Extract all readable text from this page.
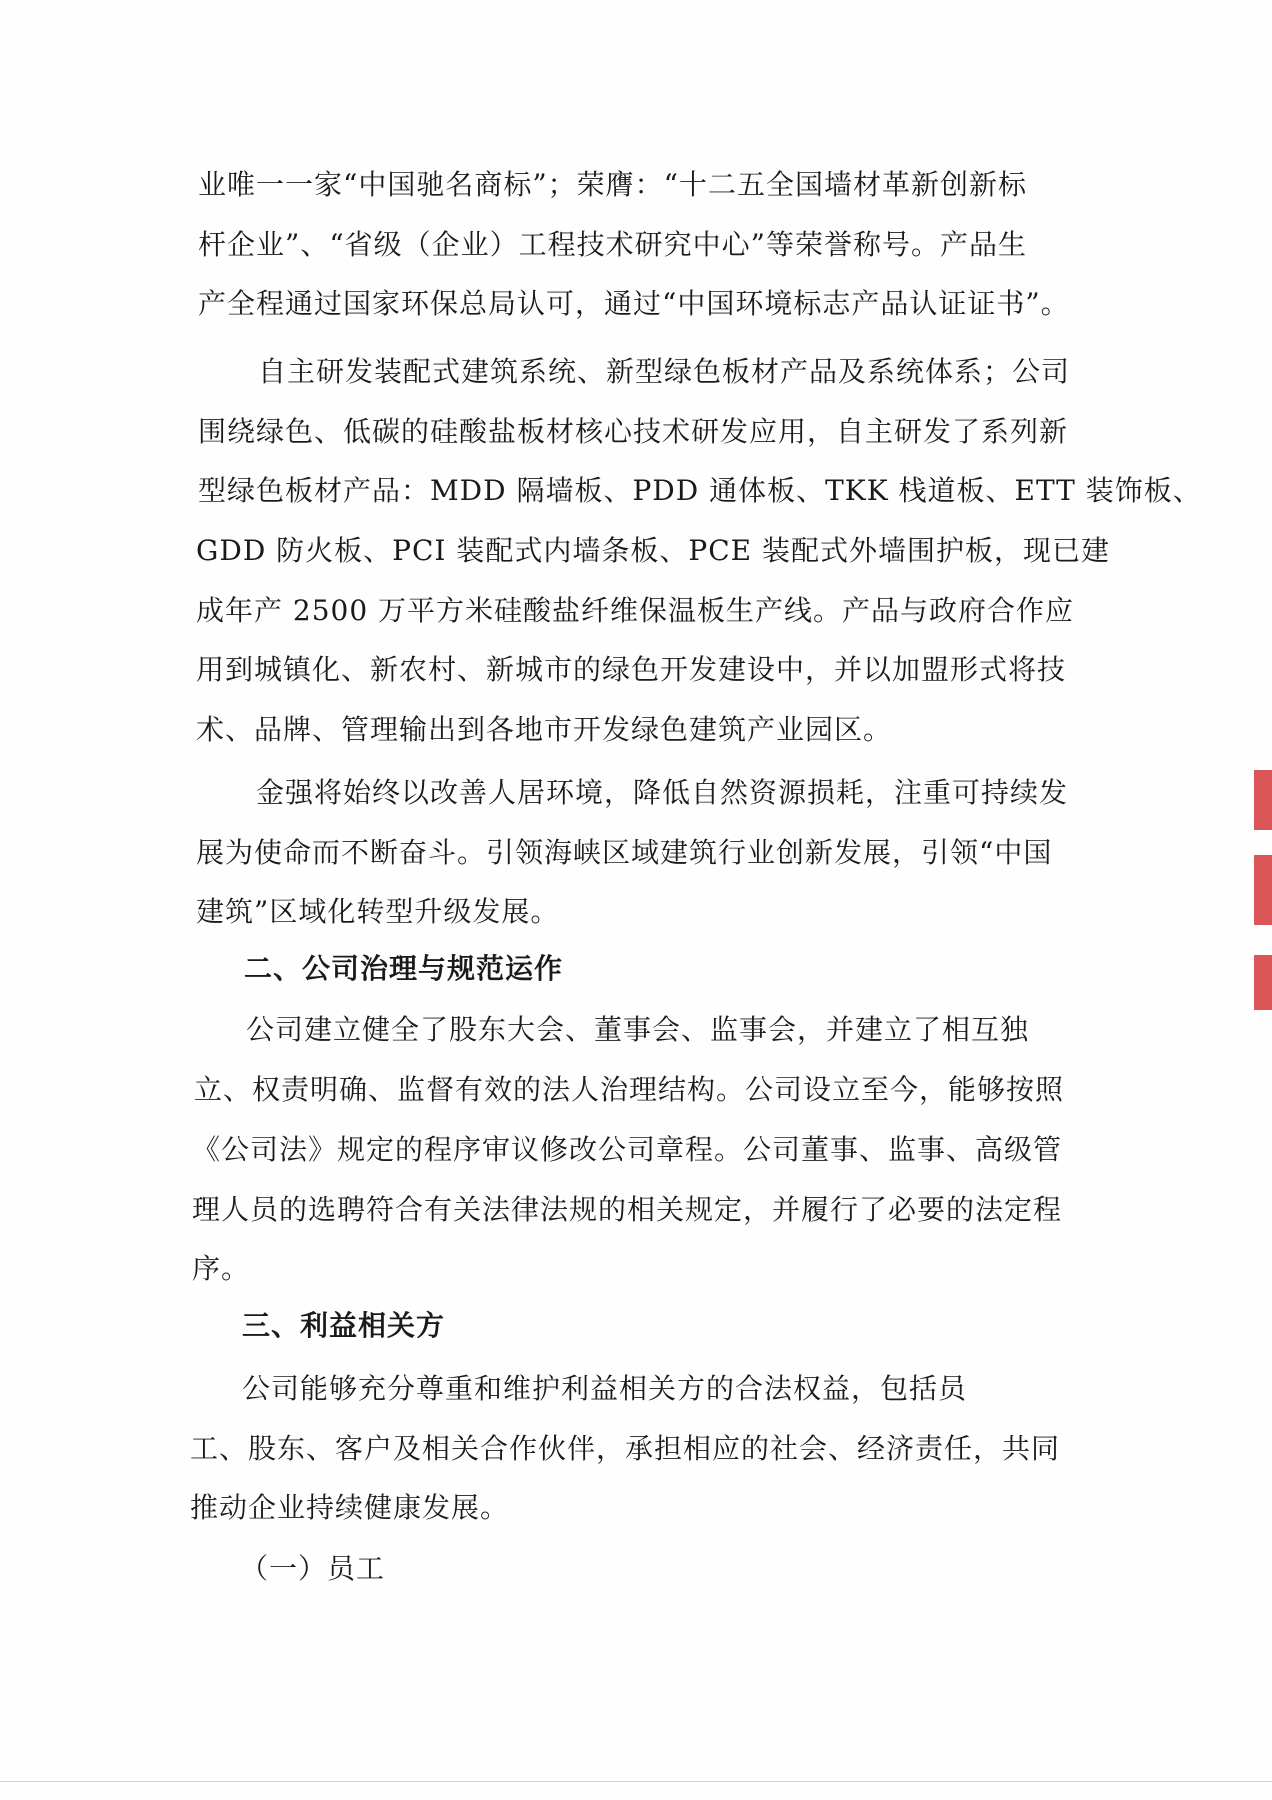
业唯一一家“中国驰名商标”；荣膺：“十二五全国墙材革新创新标
杆企业”、“省级（企业）工程技术研究中心”等荣誉称号。产品生
产全程通过国家环保总局认可，通过“中国环境标志产品认证证书”。
自主研发装配式建筑系统、新型绿色板材产品及系统体系；公司
围绕绿色、低碳的硅酸盐板材核心技术研发应用，自主研发了系列新
型绿色板材产品：MDD 隔墙板、PDD 通体板、TKK 栈道板、ETT 装饰板、
GDD 防火板、PCI 装配式内墙条板、PCE 装配式外墙围护板，现已建
成年产 2500 万平方米硅酸盐纤维保温板生产线。产品与政府合作应
用到城镇化、新农村、新城市的绿色开发建设中，并以加盟形式将技
术、品牌、管理输出到各地市开发绿色建筑产业园区。
金强将始终以改善人居环境，降低自然资源损耗，注重可持续发
展为使命而不断奋斗。引领海峡区域建筑行业创新发展，引领“中国
建筑”区域化转型升级发展。
二、公司治理与规范运作
公司建立健全了股东大会、董事会、监事会，并建立了相互独
立、权责明确、监督有效的法人治理结构。公司设立至今，能够按照
《公司法》规定的程序审议修改公司章程。公司董事、监事、高级管
理人员的选聘符合有关法律法规的相关规定，并履行了必要的法定程
序。
三、利益相关方
公司能够充分尊重和维护利益相关方的合法权益，包括员
工、股东、客户及相关合作伙伴，承担相应的社会、经济责任，共同
推动企业持续健康发展。
（一）员工
